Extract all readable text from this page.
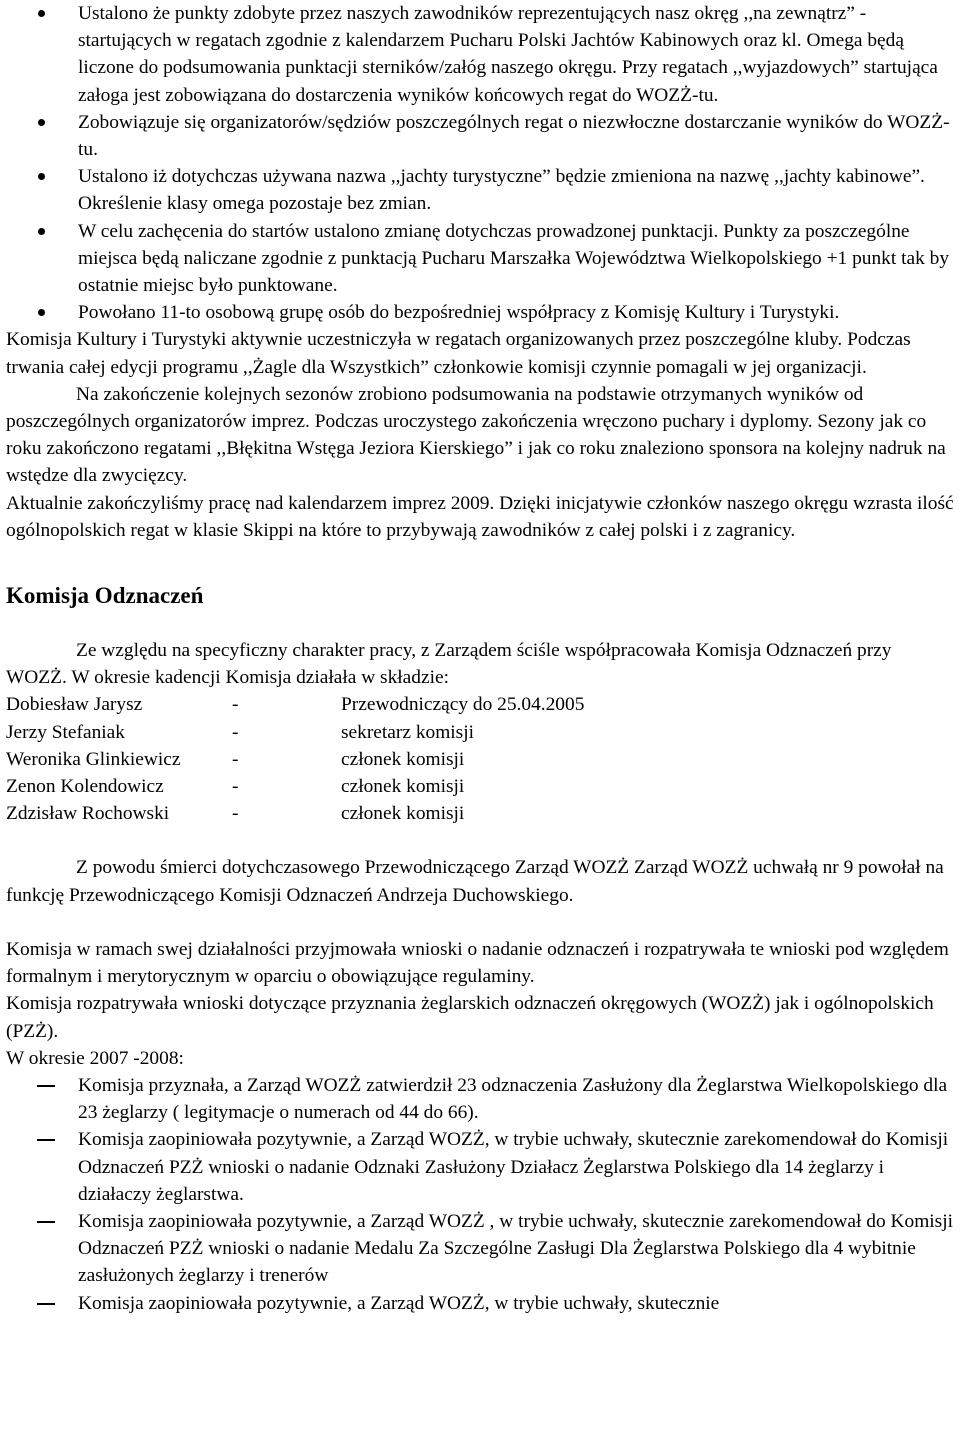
Ustalono że punkty zdobyte przez naszych zawodników reprezentujących nasz okręg ,,na zewnątrz” - startujących w regatach zgodnie z kalendarzem Pucharu Polski Jachtów Kabinowych oraz kl. Omega będą liczone do podsumowania punktacji sterników/załóg naszego okręgu. Przy regatach ,,wyjazdowych” startująca załoga jest zobowiązana do dostarczenia wyników końcowych regat do WOZŻ-tu.
Zobowiązuje się organizatorów/sędziów poszczególnych regat o niezwłoczne dostarczanie wyników do WOZŻ-tu.
Ustalono iż dotychczas używana nazwa ,,jachty turystyczne” będzie zmieniona na nazwę ,,jachty kabinowe”. Określenie klasy omega pozostaje bez zmian.
W celu zachęcenia do startów ustalono zmianę dotychczas prowadzonej punktacji. Punkty za poszczególne miejsca będą naliczane zgodnie z punktacją Pucharu Marszałka Województwa Wielkopolskiego +1 punkt tak by ostatnie miejsc było punktowane.
Powołano 11-to osobową grupę osób do bezpośredniej współpracy z Komisję Kultury i Turystyki.

Komisja Kultury i Turystyki aktywnie uczestniczyła w regatach organizowanych przez poszczególne kluby. Podczas trwania całej edycji programu ,,Żagle dla Wszystkich” członkowie komisji czynnie pomagali w jej organizacji.

Na zakończenie kolejnych sezonów zrobiono podsumowania na podstawie otrzymanych wyników od poszczególnych organizatorów imprez. Podczas uroczystego zakończenia wręczono puchary i dyplomy. Sezony jak co roku zakończono regatami ,,Błękitna Wstęga Jeziora Kierskiego” i jak co roku znaleziono sponsora na kolejny nadruk na wstędze dla zwycięzcy.

Aktualnie zakończyliśmy pracę nad kalendarzem imprez 2009. Dzięki inicjatywie członków naszego okręgu wzrasta ilość ogólnopolskich regat w klasie Skippi na które to przybywają zawodników z całej polski i z zagranicy.

Komisja Odznaczeń

Ze względu na specyficzny charakter pracy, z Zarządem ściśle współpracowała Komisja Odznaczeń przy WOZŻ. W okresie kadencji Komisja działała w składzie:

Dobiesław Jarysz	-	Przewodniczący do 25.04.2005
Jerzy Stefaniak	-	sekretarz komisji
Weronika Glinkiewicz	-	członek komisji
Zenon Kolendowicz	-	członek komisji
Zdzisław Rochowski	-	członek komisji

Z powodu śmierci dotychczasowego Przewodniczącego Zarząd WOZŻ Zarząd WOZŻ uchwałą nr 9 powołał na funkcję Przewodniczącego Komisji Odznaczeń Andrzeja Duchowskiego.

Komisja w ramach swej działalności przyjmowała wnioski o nadanie odznaczeń i rozpatrywała te wnioski pod względem formalnym i merytorycznym w oparciu o obowiązujące regulaminy.

Komisja rozpatrywała wnioski dotyczące przyznania żeglarskich odznaczeń okręgowych (WOZŻ) jak i ogólnopolskich (PZŻ).

W okresie 2007 -2008:

Komisja przyznała, a Zarząd WOZŻ zatwierdził 23 odznaczenia Zasłużony dla Żeglarstwa Wielkopolskiego dla 23 żeglarzy ( legitymacje o numerach od 44 do 66).
Komisja zaopiniowała pozytywnie, a Zarząd WOZŻ, w trybie uchwały, skutecznie zarekomendował do Komisji Odznaczeń PZŻ wnioski o nadanie Odznaki Zasłużony Działacz Żeglarstwa Polskiego dla 14 żeglarzy i działaczy żeglarstwa.
Komisja zaopiniowała pozytywnie, a Zarząd WOZŻ , w trybie uchwały, skutecznie zarekomendował do Komisji Odznaczeń PZŻ wnioski o nadanie Medalu Za Szczególne Zasługi Dla Żeglarstwa Polskiego dla 4 wybitnie zasłużonych żeglarzy i trenerów
Komisja zaopiniowała pozytywnie, a Zarząd WOZŻ, w trybie uchwały, skutecznie
